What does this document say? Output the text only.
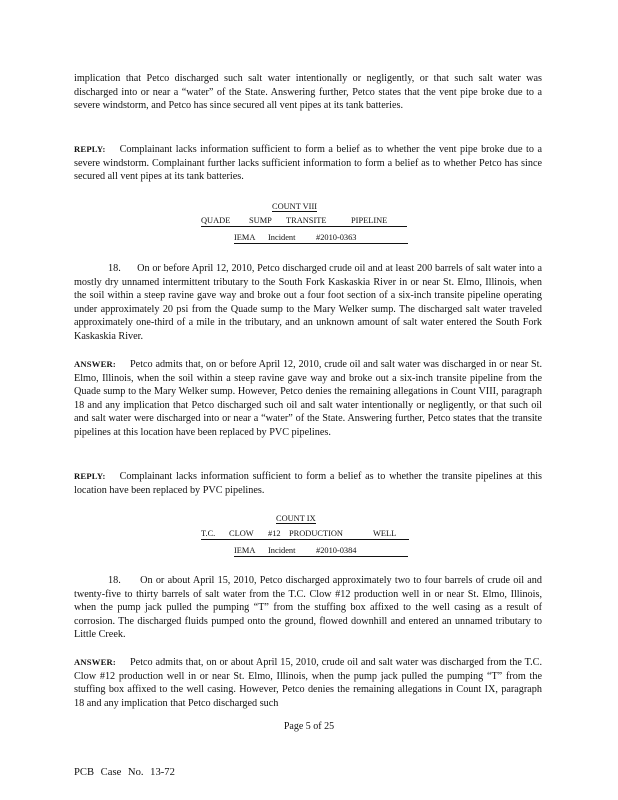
implication that Petco discharged such salt water intentionally or negligently, or that such salt water was discharged into or near a “water” of the State. Answering further, Petco states that the vent pipe broke due to a severe windstorm, and Petco has since secured all vent pipes at its tank batteries.

REPLY: Complainant lacks information sufficient to form a belief as to whether the vent pipe broke due to a severe windstorm. Complainant further lacks sufficient information to form a belief as to whether Petco has since secured all vent pipes at its tank batteries.

COUNT VIII
QUADE SUMP TRANSITE	PIPELINE

IEMA Incident #2010-0363

18. On or before April 12, 2010, Petco discharged crude oil and at least 200 barrels of salt water into a mostly dry unnamed intermittent tributary to the South Fork Kaskaskia River in or near St. Elmo, Illinois, when the soil within a steep ravine gave way and broke out a four foot section of a six-inch transite pipeline operating under approximately 20 psi from the Quade sump to the Mary Welker sump. The discharged salt water traveled approximately one-third of a mile in the tributary, and an unknown amount of salt water entered the South Fork Kaskaskia River.

ANSWER: Petco admits that, on or before April 12, 2010, crude oil and salt water was discharged in or near St. Elmo, Illinois, when the soil within a steep ravine gave way and broke out a six-inch transite pipeline from the Quade sump to the Mary Welker sump. However, Petco denies the remaining allegations in Count VIII, paragraph 18 and any implication that Petco discharged such oil and salt water intentionally or negligently, or that such oil and salt water were discharged into or near a “water” of the State. Answering further, Petco states that the transite pipelines at this location have been replaced by PVC pipelines.

REPLY: Complainant lacks information sufficient to form a belief as to whether the transite pipelines at this location have been replaced by PVC pipelines.

COUNT IX
T.C. CLOW #12 PRODUCTION	WELL

IEMA Incident #2010-0384

18. On or about April 15, 2010, Petco discharged approximately two to four barrels of crude oil and twenty-five to thirty barrels of salt water from the T.C. Clow #12 production well in or near St. Elmo, Illinois, when the pump jack pulled the pumping “T” from the stuffing box affixed to the well casing as a result of corrosion. The discharged fluids pumped onto the ground, flowed downhill and entered an unnamed tributary to Little Creek.

ANSWER: Petco admits that, on or about April 15, 2010, crude oil and salt water was discharged from the T.C. Clow #12 production well in or near St. Elmo, Illinois, when the pump jack pulled the pumping “T” from the stuffing box affixed to the well casing. However, Petco denies the remaining allegations in Count IX, paragraph 18 and any implication that Petco discharged such

Page 5 of 25
PCB Case No. 13-72
